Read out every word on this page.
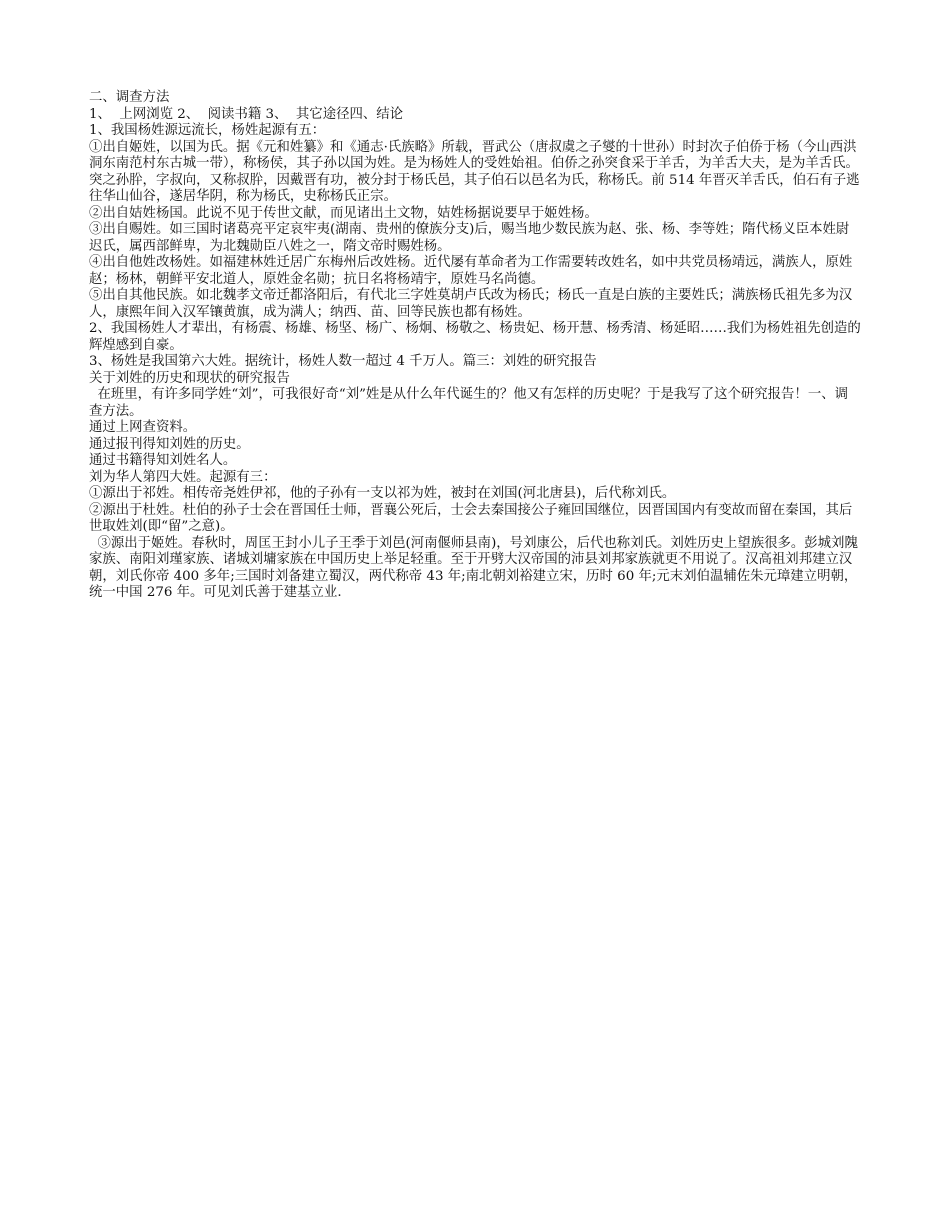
二、调查方法

1、  上网浏览 2、  阅读书籍 3、  其它途径四、结论

1、我国杨姓源远流长，杨姓起源有五：

①出自姬姓，以国为氏。据《元和姓纂》和《通志·氏族略》所载，晋武公（唐叔虞之子燮的十世孙）时封次子伯侨于杨（今山西洪洞东南范村东古城一带），称杨侯，其子孙以国为姓。是为杨姓人的受姓始祖。伯侨之孙突食采于羊舌，为羊舌大夫，是为羊舌氏。突之孙肸，字叔向，又称叔肸，因戴晋有功，被分封于杨氏邑，其子伯石以邑名为氏，称杨氏。前 514 年晋灭羊舌氏，伯石有子逃往华山仙谷，遂居华阴，称为杨氏，史称杨氏正宗。

②出自姞姓杨国。此说不见于传世文献，而见诸出土文物，姞姓杨据说要早于姬姓杨。

③出自赐姓。如三国时诸葛亮平定哀牢夷(湖南、贵州的僚族分支)后，赐当地少数民族为赵、张、杨、李等姓；隋代杨义臣本姓尉迟氏，属西部鲜卑，为北魏勋臣八姓之一，隋文帝时赐姓杨。

④出自他姓改杨姓。如福建林姓迁居广东梅州后改姓杨。近代屡有革命者为工作需要转改姓名，如中共党员杨靖远，满族人，原姓赵；杨林，朝鲜平安北道人，原姓金名勋；抗日名将杨靖宇，原姓马名尚德。

⑤出自其他民族。如北魏孝文帝迁都洛阳后，有代北三字姓莫胡卢氏改为杨氏；杨氏一直是白族的主要姓氏；满族杨氏祖先多为汉人，康熙年间入汉军镶黄旗，成为满人；纳西、苗、回等民族也都有杨姓。

2、我国杨姓人才辈出，有杨震、杨雄、杨坚、杨广、杨炯、杨敬之、杨贵妃、杨开慧、杨秀清、杨延昭……我们为杨姓祖先创造的辉煌感到自豪。

3、杨姓是我国第六大姓。据统计，杨姓人数一超过 4 千万人。篇三：刘姓的研究报告

关于刘姓的历史和现状的研究报告

在班里，有许多同学姓“刘”，可我很好奇“刘”姓是从什么年代诞生的？他又有怎样的历史呢？于是我写了这个研究报告！一、调查方法。

通过上网查资料。

通过报刊得知刘姓的历史。

通过书籍得知刘姓名人。

刘为华人第四大姓。起源有三：

①源出于祁姓。相传帝尧姓伊祁，他的子孙有一支以祁为姓，被封在刘国(河北唐县)，后代称刘氏。

②源出于杜姓。杜伯的孙子士会在晋国任士师，晋襄公死后，士会去秦国接公子雍回国继位，因晋国国内有变故而留在秦国，其后世取姓刘(即“留”之意)。

③源出于姬姓。春秋时，周匡王封小儿子王季于刘邑(河南偃师县南)，号刘康公，后代也称刘氏。刘姓历史上望族很多。彭城刘隗家族、南阳刘瑾家族、诸城刘墉家族在中国历史上举足轻重。至于开劈大汉帝国的沛县刘邦家族就更不用说了。汉高祖刘邦建立汉朝，刘氏你帝 400 多年;三国时刘备建立蜀汉，两代称帝 43 年;南北朝刘裕建立宋，历时 60 年;元末刘伯温辅佐朱元璋建立明朝，统一中国 276 年。可见刘氏善于建基立业.
